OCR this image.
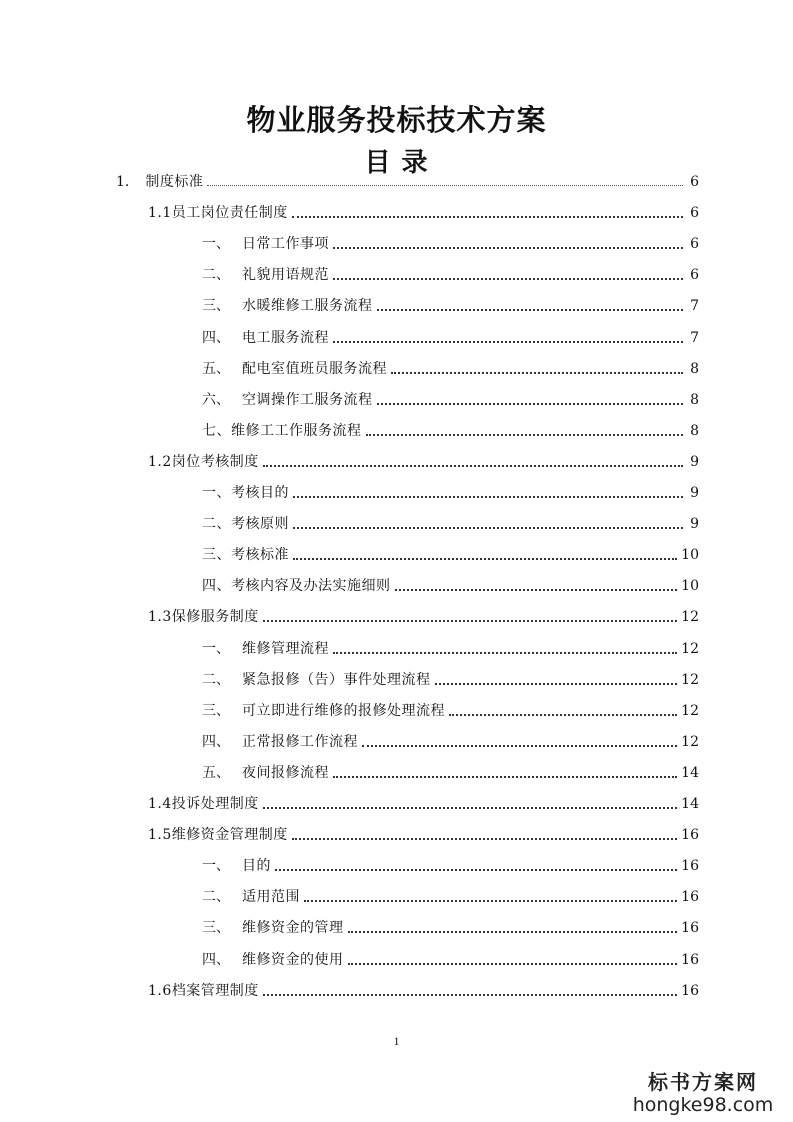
物业服务投标技术方案
目 录
1. 制度标准	6
1.1员工岗位责任制度	6
一、 日常工作事项	6
二、 礼貌用语规范	6
三、 水暖维修工服务流程	7
四、 电工服务流程	7
五、 配电室值班员服务流程	8
六、 空调操作工服务流程	8
七、维修工工作服务流程	8
1.2岗位考核制度	9
一、考核目的	9
二、考核原则	9
三、考核标准	10
四、考核内容及办法实施细则	10
1.3保修服务制度	12
一、 维修管理流程	12
二、 紧急报修（告）事件处理流程	12
三、 可立即进行维修的报修处理流程	12
四、 正常报修工作流程	12
五、 夜间报修流程	14
1.4投诉处理制度	14
1.5维修资金管理制度	16
一、 目的	16
二、 适用范围	16
三、 维修资金的管理	16
四、 维修资金的使用	16
1.6档案管理制度	16
1
标书方案网
hongke98.com
